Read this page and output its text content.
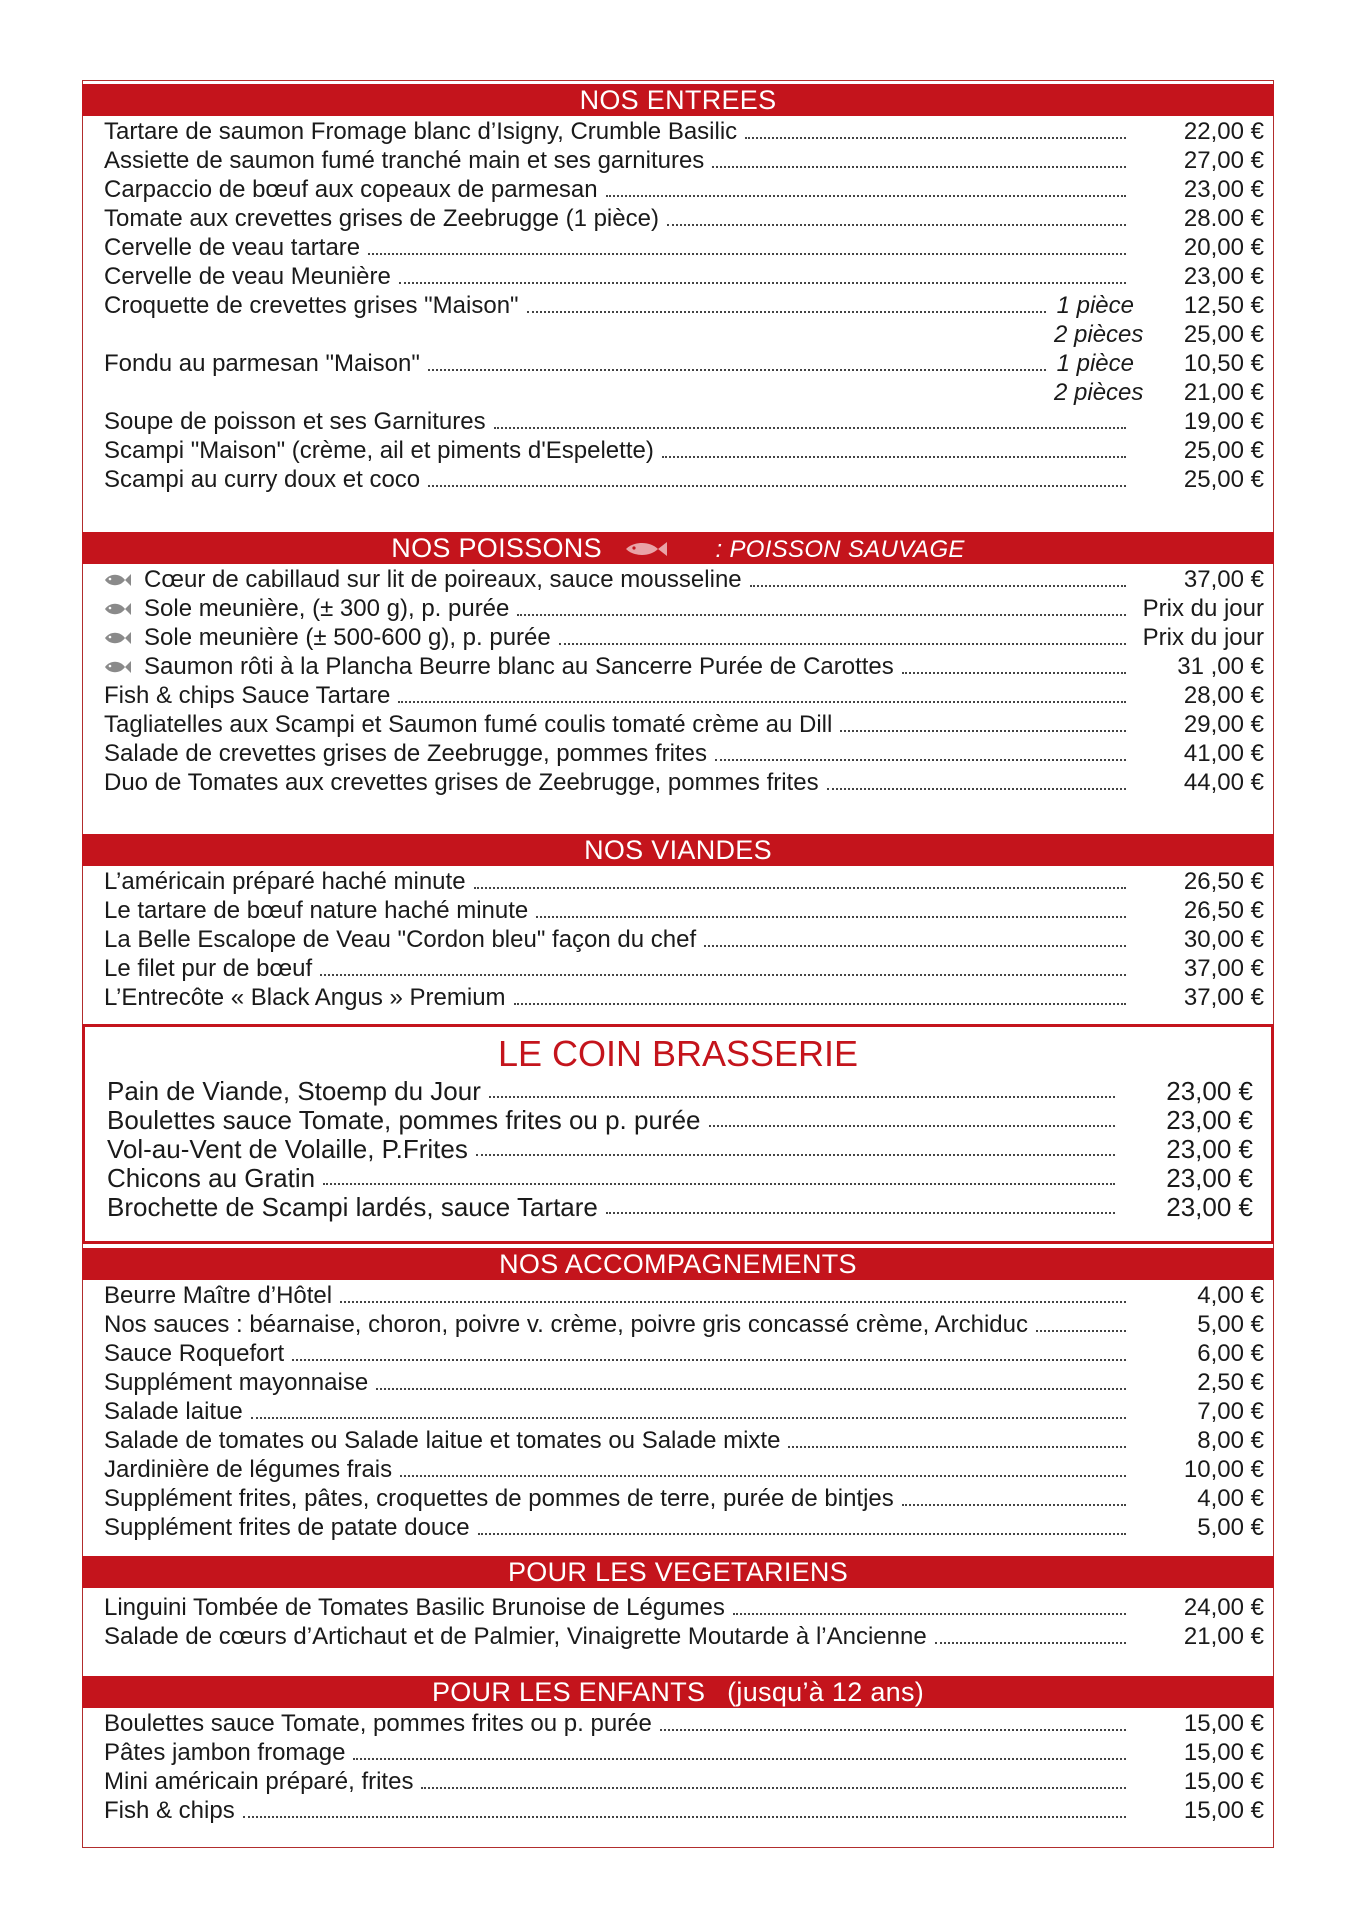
NOS ENTREES
Tartare de saumon Fromage blanc d’Isigny, Crumble Basilic	22,00 €
Assiette de saumon fumé tranché main et ses garnitures	27,00 €
Carpaccio de bœuf aux copeaux de parmesan	23,00 €
Tomate aux crevettes grises de Zeebrugge (1 pièce)	28.00 €
Cervelle de veau tartare	20,00 €
Cervelle de veau Meunière	23,00 €
Croquette de crevettes grises "Maison"	1 pièce	12,50 €
2 pièces	25,00 €
Fondu au parmesan "Maison"	1 pièce	10,50 €
2 pièces	21,00 €
Soupe de poisson et ses Garnitures	19,00 €
Scampi "Maison" (crème, ail et piments d'Espelette)	25,00 €
Scampi au curry doux et coco	25,00 €
NOS POISSONS	: POISSON SAUVAGE
Cœur de cabillaud sur lit de poireaux, sauce mousseline	37,00 €
Sole meunière, (± 300 g), p. purée	Prix du jour
Sole meunière (± 500-600 g), p. purée	Prix du jour
Saumon rôti à la Plancha Beurre blanc au Sancerre Purée de Carottes	31 ,00 €
Fish & chips Sauce Tartare	28,00 €
Tagliatelles aux Scampi et Saumon fumé coulis tomaté crème au Dill	29,00 €
Salade de crevettes grises de Zeebrugge, pommes frites	41,00 €
Duo de Tomates aux crevettes grises de Zeebrugge, pommes frites	44,00 €
NOS VIANDES
L’américain préparé haché minute	26,50 €
Le tartare de bœuf nature haché minute	26,50 €
La Belle Escalope de Veau "Cordon bleu" façon du chef	30,00 €
Le filet pur de bœuf	37,00 €
L’Entrecôte « Black Angus » Premium	37,00 €
LE COIN BRASSERIE
Pain de Viande, Stoemp du Jour	23,00 €
Boulettes sauce Tomate, pommes frites ou p. purée	23,00 €
Vol-au-Vent de Volaille, P.Frites	23,00 €
Chicons au Gratin	23,00 €
Brochette de Scampi lardés, sauce Tartare	23,00 €
NOS ACCOMPAGNEMENTS
Beurre Maître d’Hôtel	4,00 €
Nos sauces : béarnaise, choron, poivre v. crème, poivre gris concassé crème, Archiduc	5,00 €
Sauce Roquefort	6,00 €
Supplément mayonnaise	2,50 €
Salade laitue	7,00 €
Salade de tomates ou Salade laitue et tomates ou Salade mixte	8,00 €
Jardinière de légumes frais	10,00 €
Supplément frites, pâtes, croquettes de pommes de terre, purée de bintjes	4,00 €
Supplément frites de patate douce	5,00 €
POUR LES VEGETARIENS
Linguini Tombée de Tomates Basilic Brunoise de Légumes	24,00 €
Salade de cœurs d’Artichaut et de Palmier, Vinaigrette Moutarde à l’Ancienne	21,00 €
POUR LES ENFANTS (jusqu’à 12 ans)
Boulettes sauce Tomate, pommes frites ou p. purée	15,00 €
Pâtes jambon fromage	15,00 €
Mini américain préparé, frites	15,00 €
Fish & chips	15,00 €
